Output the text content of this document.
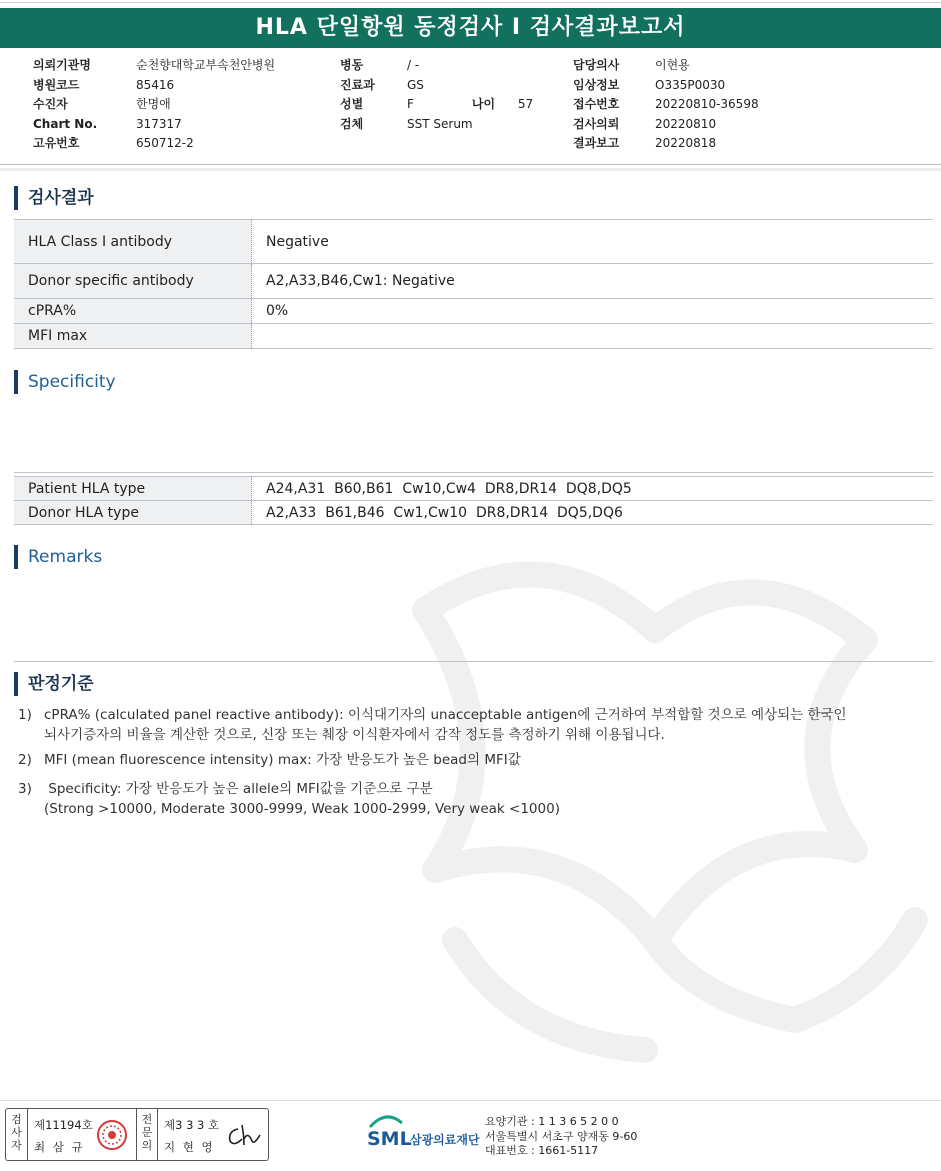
HLA 단일항원 동정검사 I 검사결과보고서
의뢰기관명	순천향대학교부속천안병원
병원코드	85416
수진자	한명애
Chart No.	317317
고유번호	650712-2
병동	/ -
진료과	GS
성별	F	나이 57
검체	SST Serum
담당의사	이현용
임상정보	O335P0030
접수번호	20220810-36598
검사의뢰	20220810
결과보고	20220818
검사결과
HLA Class I antibody	Negative
Donor specific antibody	A2,A33,B46,Cw1: Negative
cPRA%	0%
MFI max
Specificity
Patient HLA type	A24,A31  B60,B61  Cw10,Cw4  DR8,DR14  DQ8,DQ5
Donor HLA type	A2,A33  B61,B46  Cw1,Cw10  DR8,DR14  DQ5,DQ6
Remarks
판정기준
1) cPRA% (calculated panel reactive antibody): 이식대기자의 unacceptable antigen에 근거하여 부적합할 것으로 예상되는 한국인
뇌사기증자의 비율을 계산한 것으로, 신장 또는 췌장 이식환자에서 감작 정도를 측정하기 위해 이용됩니다.
2) MFI (mean fluorescence intensity) max: 가장 반응도가 높은 bead의 MFI값
3) Specificity: 가장 반응도가 높은 allele의 MFI값을 기준으로 구분
(Strong >10000, Moderate 3000-9999, Weak 1000-2999, Very weak <1000)
검사자
제11194호
최 삼 규
전문의
제3 3 3 호
지 현 영	SML
삼광의료재단
요양기관 : 1 1 3 6 5 2 0 0
서울특별시 서초구 양재동 9-60
대표번호 : 1661-5117
